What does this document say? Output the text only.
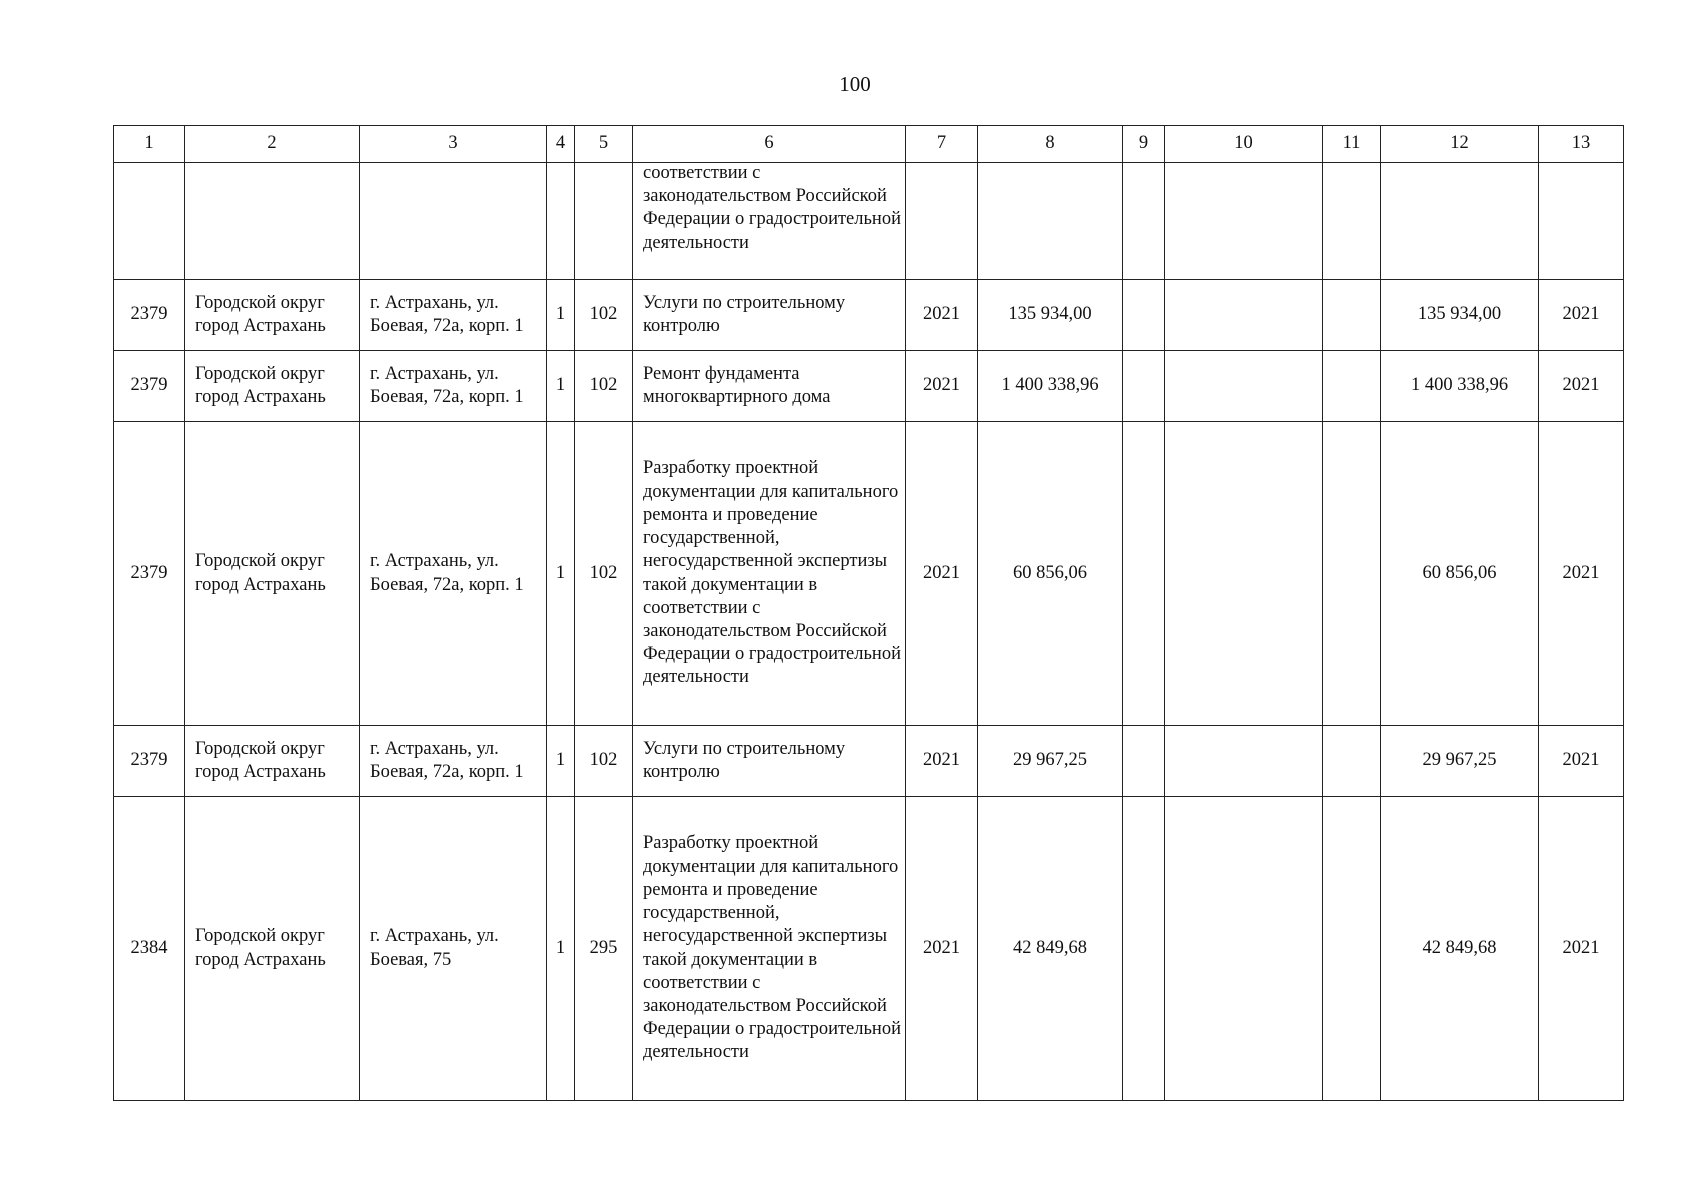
100
1	2	3	4	5	6	7	8	9	10	11	12	13

					соответствии с законодательством Российской Федерации о градостроительной деятельности							

2379	Городской округ город Астрахань	г. Астрахань, ул. Боевая, 72а, корп. 1	1	102	Услуги по строительному контролю	2021	135 934,00				135 934,00	2021
2379	Городской округ город Астрахань	г. Астрахань, ул. Боевая, 72а, корп. 1	1	102	Ремонт фундамента многоквартирного дома	2021	1 400 338,96				1 400 338,96	2021
2379	Городской округ город Астрахань	г. Астрахань, ул. Боевая, 72а, корп. 1	1	102	Разработку проектной документации для капитального ремонта и проведение государственной, негосударственной экспертизы такой документации в соответствии с законодательством Российской Федерации о градостроительной деятельности	2021	60 856,06				60 856,06	2021
2379	Городской округ город Астрахань	г. Астрахань, ул. Боевая, 72а, корп. 1	1	102	Услуги по строительному контролю	2021	29 967,25				29 967,25	2021
2384	Городской округ город Астрахань	г. Астрахань, ул. Боевая, 75	1	295	Разработку проектной документации для капитального ремонта и проведение государственной, негосударственной экспертизы такой документации в соответствии с законодательством Российской Федерации о градостроительной деятельности	2021	42 849,68				42 849,68	2021
